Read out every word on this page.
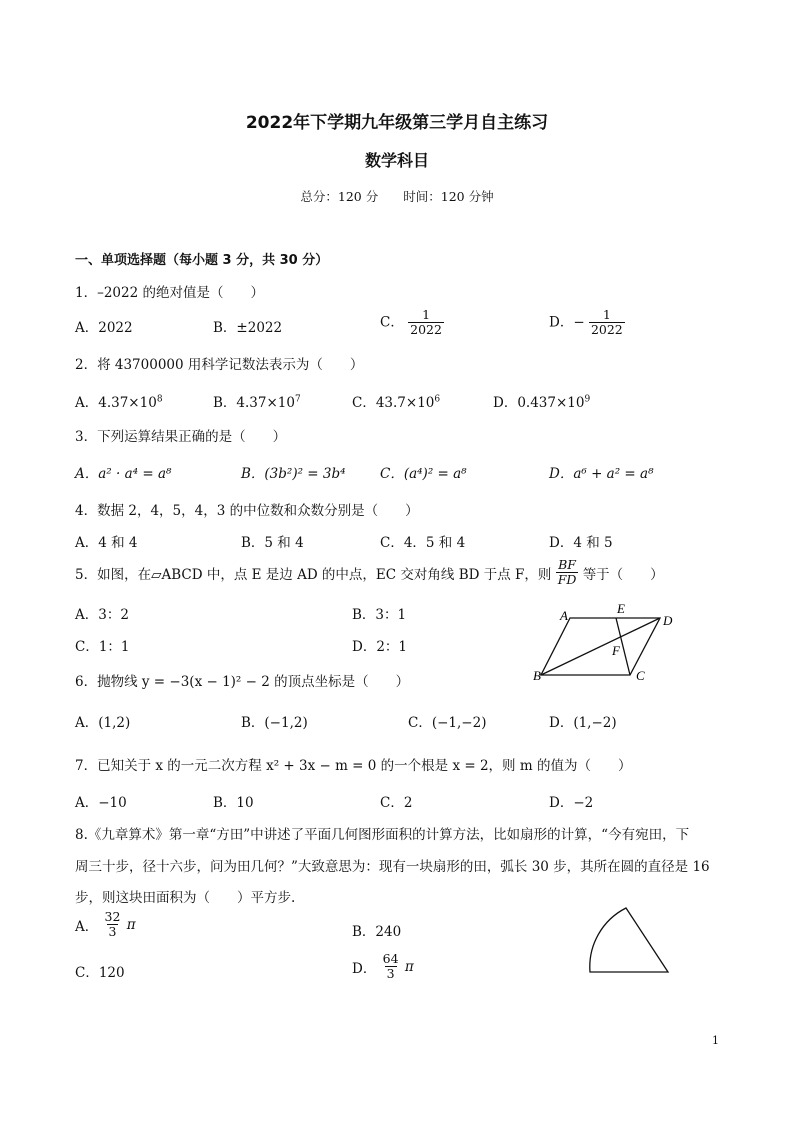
2022年下学期九年级第三学月自主练习
数学科目
总分：120 分　　时间：120 分钟
一、单项选择题（每小题 3 分，共 30 分）
1．–2022 的绝对值是（　　）
A．2022	B．±2022	C． $\frac{1}{2022}$	D．− $\frac{1}{2022}$
2．将 43700000 用科学记数法表示为（　　）
A．$4.37\times 10^8$	B．$4.37\times 10^7$	C．$43.7\times 10^6$	D．$0.437\times 10^9$
3．下列运算结果正确的是（　　）
A．a² · a⁴ = a⁸	B．(3b²)² = 3b⁴	C．(a⁴)² = a⁸	D．a⁶ + a² = a⁸
4．数据 2，4，5，4，3 的中位数和众数分别是（　　）
A．4 和 4	B．5 和 4	C．4．5 和 4	D．4 和 5
5．如图，在▱ABCD 中，点 E 是边 AD 的中点，EC 交对角线 BD 于点 F，则 $\frac{BF}{FD}$ 等于（　　）
A．3：2	B．3：1
C．1：1	D．2：1
A	E
D
F
B	C
6．抛物线 y = −3(x − 1)² − 2 的顶点坐标是（　　）
A．(1,2)	B．(−1,2)	C．(−1,−2)	D．(1,−2)
7．已知关于 x 的一元二次方程 x² + 3x − m = 0 的一个根是 x = 2，则 m 的值为（　　）
A．−10	B．10	C．2	D．−2
8.《九章算术》第一章“方田”中讲述了平面几何图形面积的计算方法，比如扇形的计算，“今有宛田，下
周三十步，径十六步，问为田几何？”大致意思为：现有一块扇形的田，弧长 30 步，其所在圆的直径是 16
步，则这块田面积为（　　）平方步.
A． $\frac{32}{3}$ π	B．240
C．120	D． $\frac{64}{3}$ π
1
